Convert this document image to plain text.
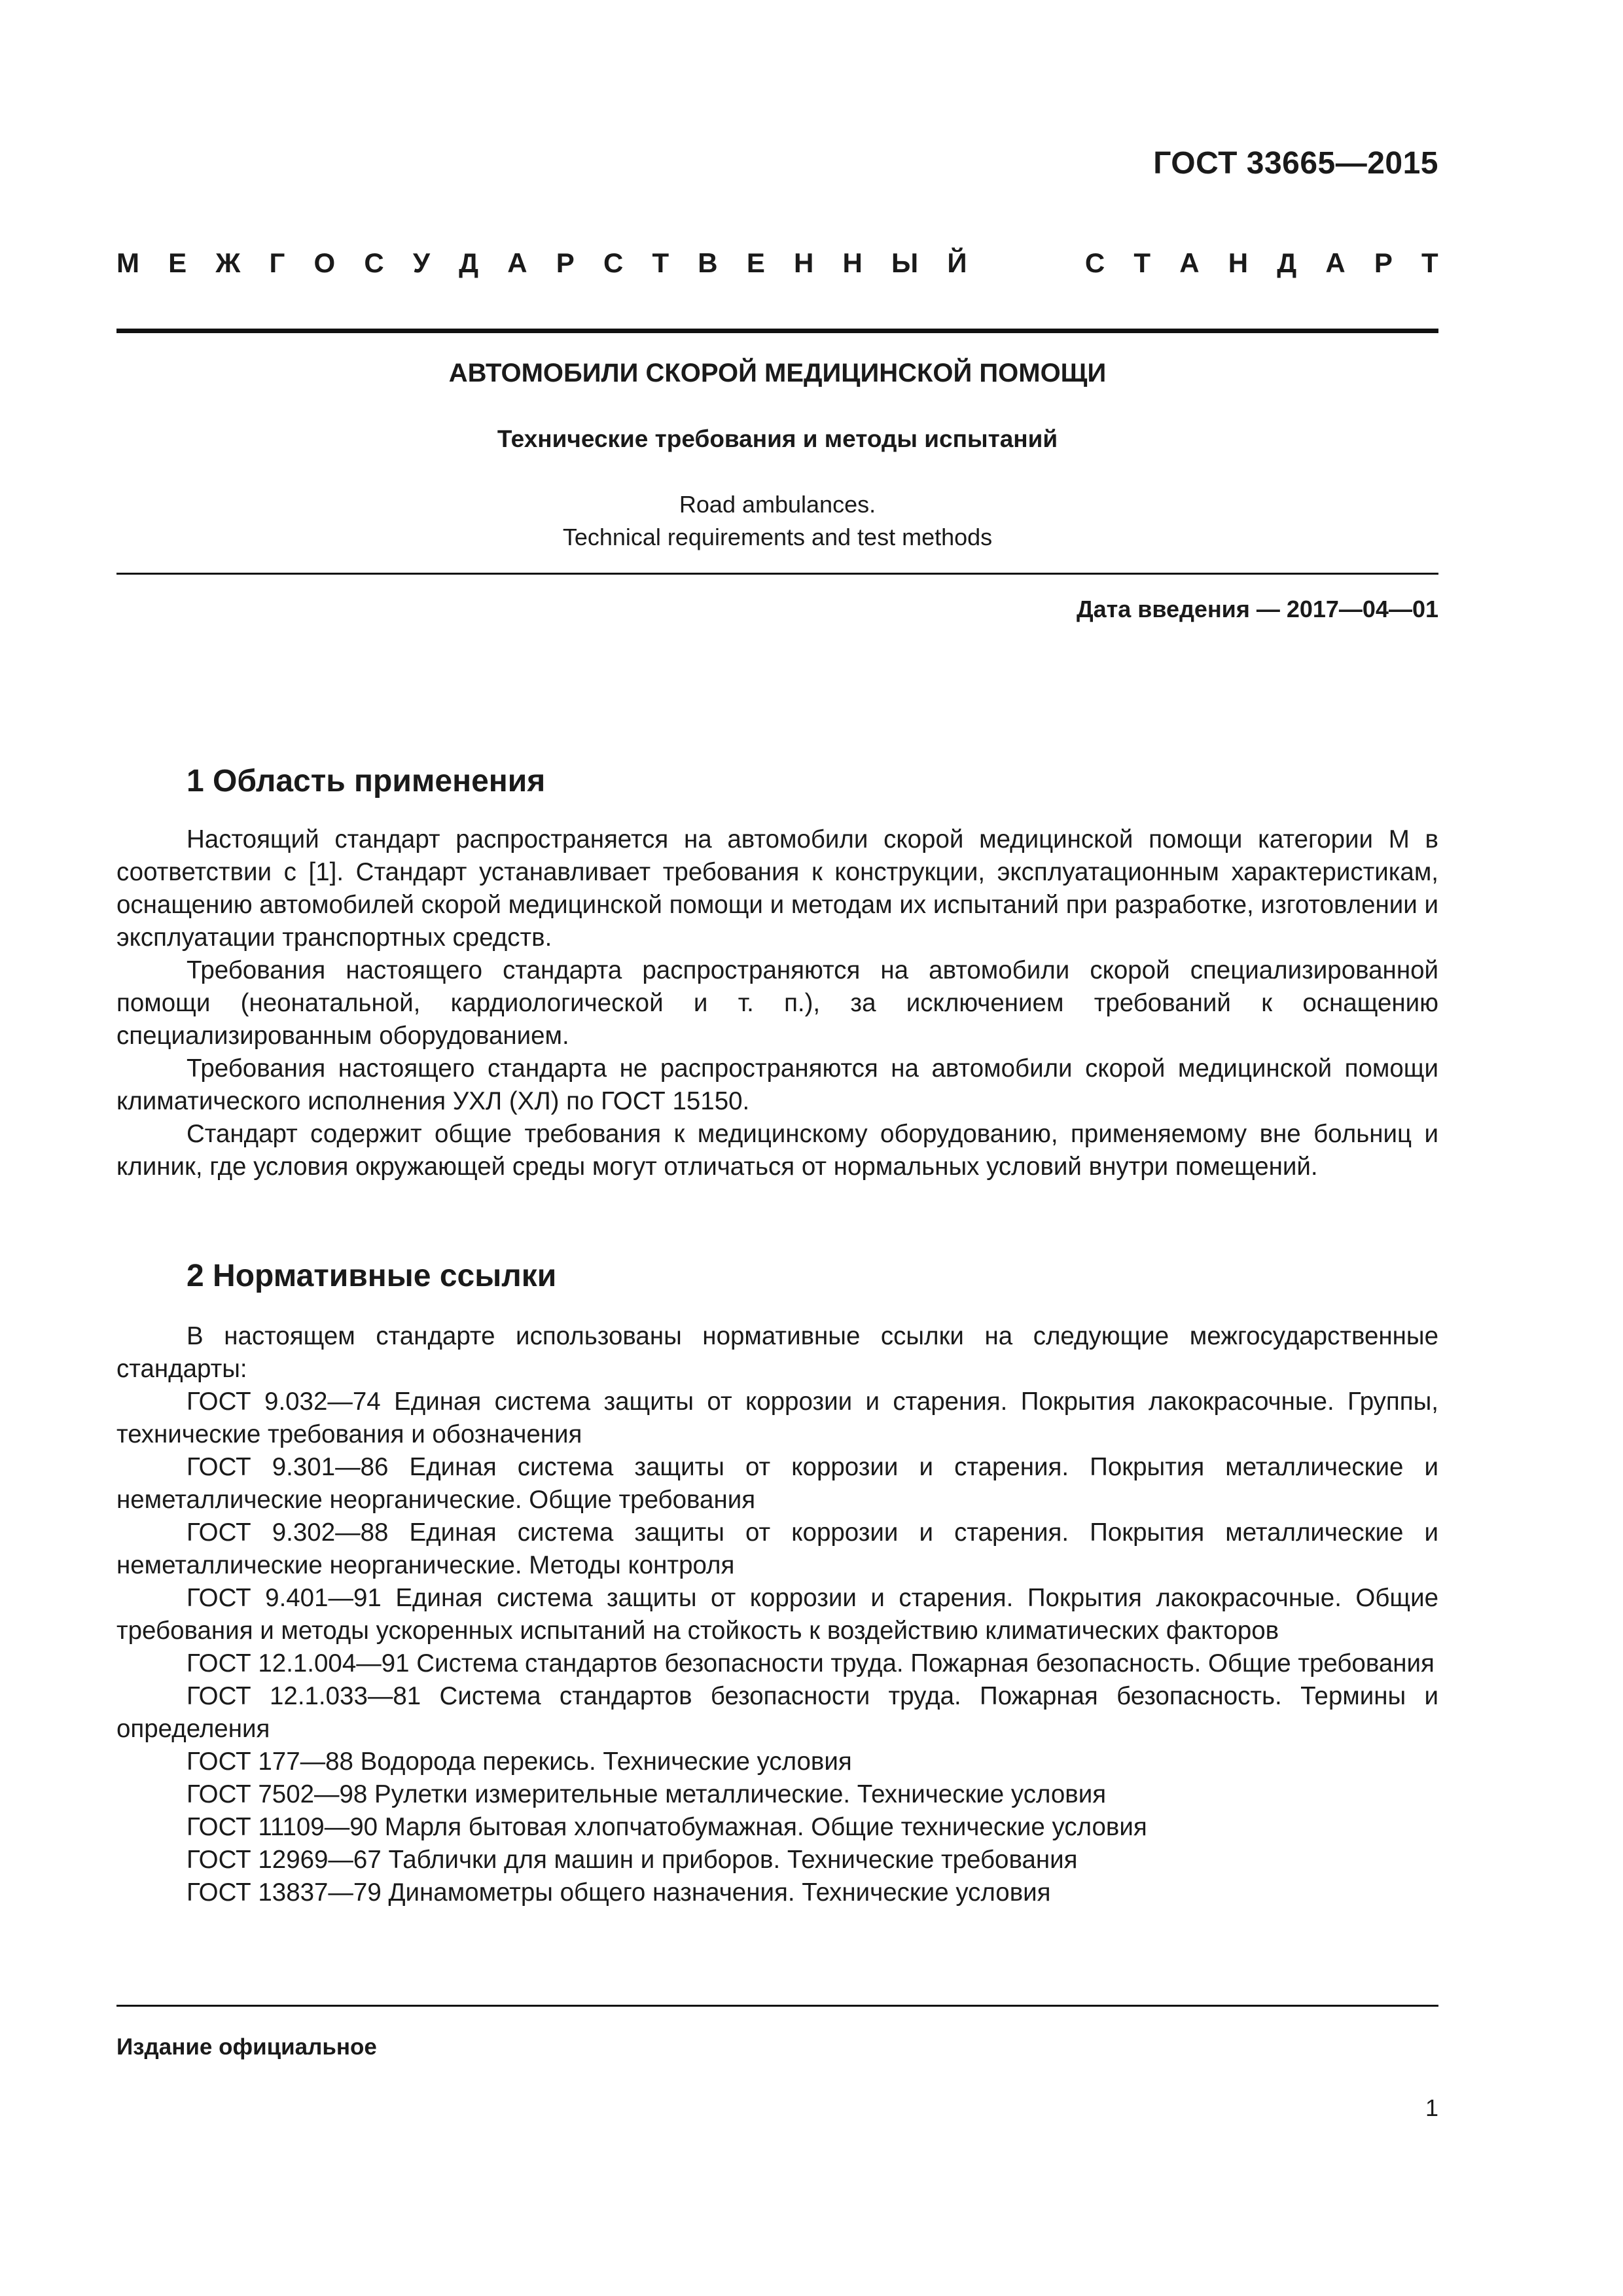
ГОСТ 33665—2015
М Е Ж Г О С У Д А Р С Т В Е Н Н Ы Й	С Т А Н Д А Р Т
АВТОМОБИЛИ СКОРОЙ МЕДИЦИНСКОЙ ПОМОЩИ
Технические требования и методы испытаний
Road ambulances.
Technical requirements and test methods
Дата введения — 2017—04—01
1 Область применения

Настоящий стандарт распространяется на автомобили скорой медицинской помощи категории М в соответствии с [1]. Стандарт устанавливает требования к конструкции, эксплуатационным характеристикам, оснащению автомобилей скорой медицинской помощи и методам их испытаний при разработке, изготовлении и эксплуатации транспортных средств.

Требования настоящего стандарта распространяются на автомобили скорой специализированной помощи (неонатальной, кардиологической и т. п.), за исключением требований к оснащению специализированным оборудованием.

Требования настоящего стандарта не распространяются на автомобили скорой медицинской помощи климатического исполнения УХЛ (ХЛ) по ГОСТ 15150.

Стандарт содержит общие требования к медицинскому оборудованию, применяемому вне больниц и клиник, где условия окружающей среды могут отличаться от нормальных условий внутри помещений.

2 Нормативные ссылки

В настоящем стандарте использованы нормативные ссылки на следующие межгосударственные стандарты:

ГОСТ 9.032—74 Единая система защиты от коррозии и старения. Покрытия лакокрасочные. Группы, технические требования и обозначения

ГОСТ 9.301—86 Единая система защиты от коррозии и старения. Покрытия металлические и неметаллические неорганические. Общие требования

ГОСТ 9.302—88 Единая система защиты от коррозии и старения. Покрытия металлические и неметаллические неорганические. Методы контроля

ГОСТ 9.401—91 Единая система защиты от коррозии и старения. Покрытия лакокрасочные. Общие требования и методы ускоренных испытаний на стойкость к воздействию климатических факторов

ГОСТ 12.1.004—91 Система стандартов безопасности труда. Пожарная безопасность. Общие требования

ГОСТ 12.1.033—81 Система стандартов безопасности труда. Пожарная безопасность. Термины и определения

ГОСТ 177—88 Водорода перекись. Технические условия

ГОСТ 7502—98 Рулетки измерительные металлические. Технические условия

ГОСТ 11109—90 Марля бытовая хлопчатобумажная. Общие технические условия

ГОСТ 12969—67 Таблички для машин и приборов. Технические требования

ГОСТ 13837—79 Динамометры общего назначения. Технические условия

Издание официальное
1
